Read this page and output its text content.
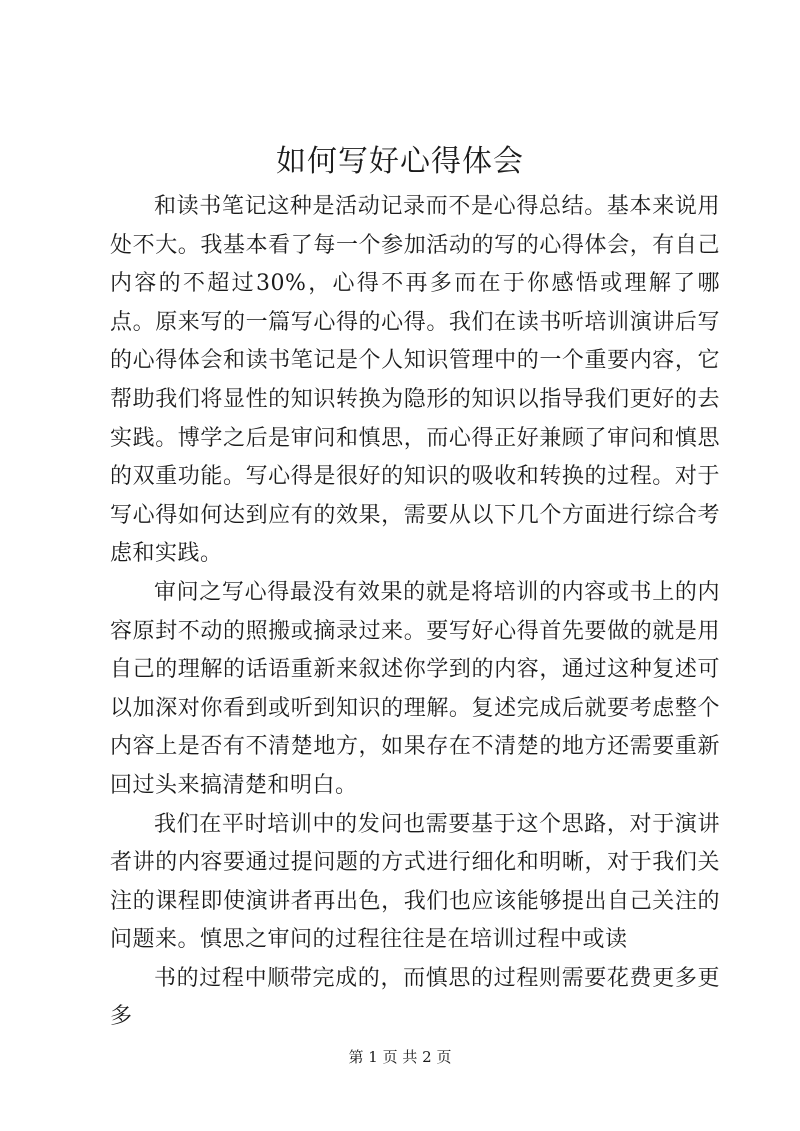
如何写好心得体会

和读书笔记这种是活动记录而不是心得总结。基本来说用处不大。我基本看了每一个参加活动的写的心得体会，有自己内容的不超过30%，心得不再多而在于你感悟或理解了哪点。原来写的一篇写心得的心得。我们在读书听培训演讲后写的心得体会和读书笔记是个人知识管理中的一个重要内容，它帮助我们将显性的知识转换为隐形的知识以指导我们更好的去实践。博学之后是审问和慎思，而心得正好兼顾了审问和慎思的双重功能。写心得是很好的知识的吸收和转换的过程。对于写心得如何达到应有的效果，需要从以下几个方面进行综合考虑和实践。

审问之写心得最没有效果的就是将培训的内容或书上的内容原封不动的照搬或摘录过来。要写好心得首先要做的就是用自己的理解的话语重新来叙述你学到的内容，通过这种复述可以加深对你看到或听到知识的理解。复述完成后就要考虑整个内容上是否有不清楚地方，如果存在不清楚的地方还需要重新回过头来搞清楚和明白。

我们在平时培训中的发问也需要基于这个思路，对于演讲者讲的内容要通过提问题的方式进行细化和明晰，对于我们关注的课程即使演讲者再出色，我们也应该能够提出自己关注的问题来。慎思之审问的过程往往是在培训过程中或读

书的过程中顺带完成的，而慎思的过程则需要花费更多更多

第 1 页 共 2 页
